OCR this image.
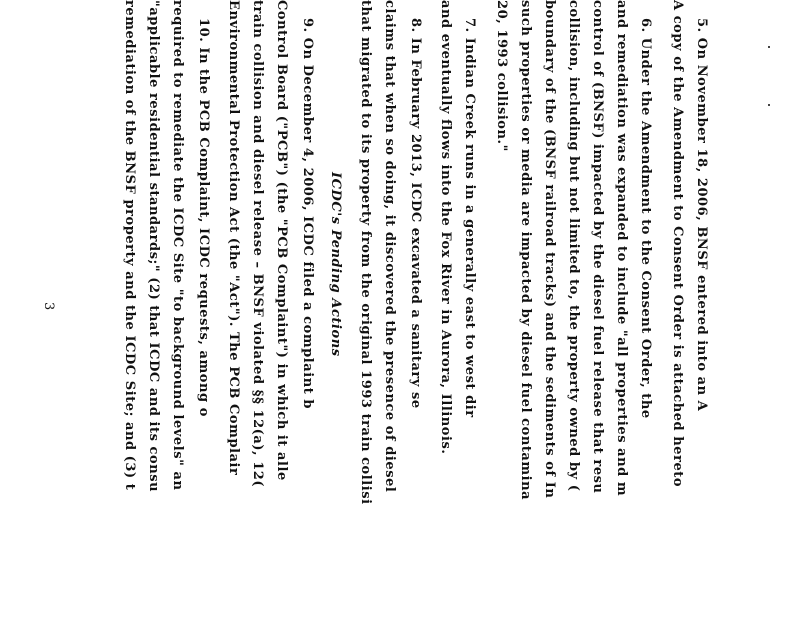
5. On November 18, 2006, BNSF entered into an A
A copy of the Amendment to Consent Order is attached hereto
6. Under the Amendment to the Consent Order, the
and remediation was expanded to include "all properties and m
control of (BNSF) impacted by the diesel fuel release that resu
collision, including but not limited to, the property owned by (
boundary of the (BNSF railroad tracks) and the sediments of In
such properties or media are impacted by diesel fuel contamina
20, 1993 collision."
7. Indian Creek runs in a generally east to west dir
and eventually flows into the Fox River in Aurora, Illinois.
8. In February 2013, ICDC excavated a sanitary se
claims that when so doing, it discovered the presence of diesel
that migrated to its property from the original 1993 train collisi
ICDC's Pending Actions
9. On December 4, 2006, ICDC filed a complaint b
Control Board ("PCB") (the "PCB Complaint") in which it alle
train collision and diesel release – BNSF violated §§ 12(a), 12(
Environmental Protection Act (the "Act"). The PCB Complair
10. In the PCB Complaint, ICDC requests, among o
required to remediate the ICDC Site "to background levels" an
"applicable residential standards;" (2) that ICDC and its consu
remediation of the BNSF property and the ICDC Site; and (3) t
3
